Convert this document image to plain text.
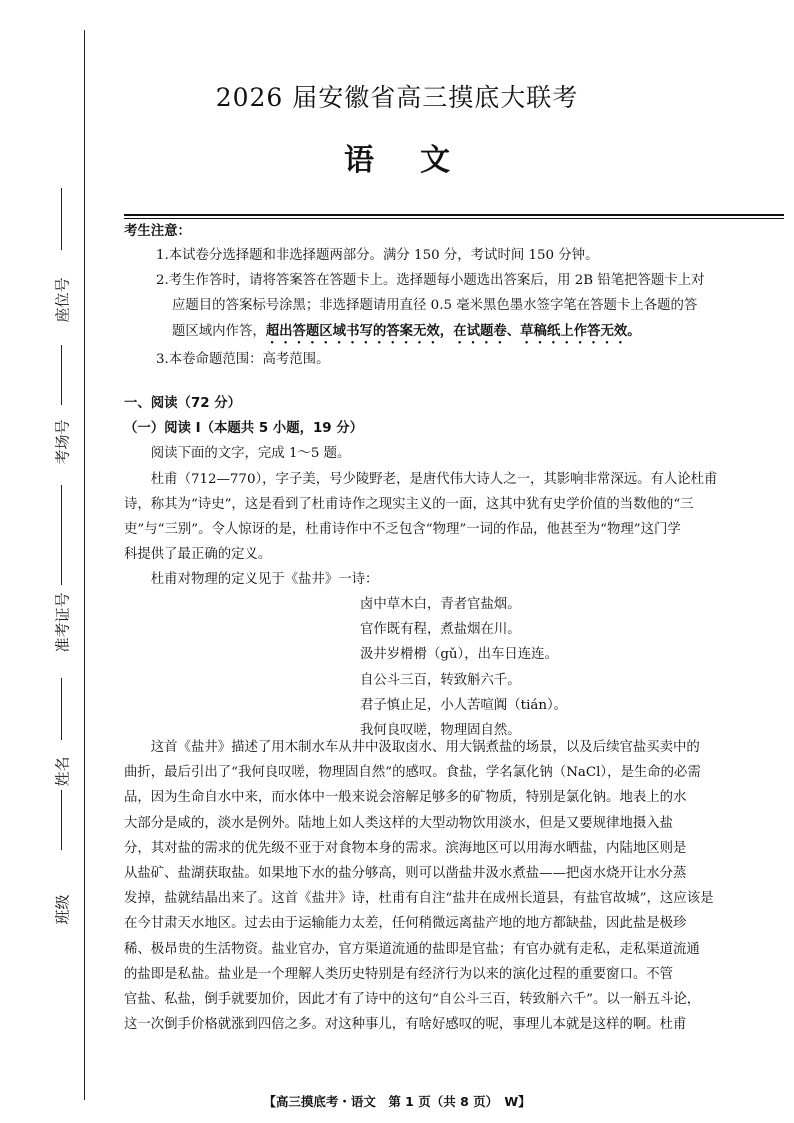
座位号
考场号
准考证号
姓名
班级
2026 届安徽省高三摸底大联考
语文
考生注意：

1.本试卷分选择题和非选择题两部分。满分 150 分，考试时间 150 分钟。

2.考生作答时，请将答案答在答题卡上。选择题每小题选出答案后，用 2B 铅笔把答题卡上对

应题目的答案标号涂黑；非选择题请用直径 0.5 毫米黑色墨水签字笔在答题卡上各题的答

题区域内作答，超出答题区域书写的答案无效，在试题卷、草稿纸上作答无效。

3.本卷命题范围：高考范围。

一、阅读（72 分）

（一）阅读 Ⅰ（本题共 5 小题，19 分）

阅读下面的文字，完成 1～5 题。

杜甫（712—770），字子美，号少陵野老，是唐代伟大诗人之一，其影响非常深远。有人论杜甫

诗，称其为“诗史”，这是看到了杜甫诗作之现实主义的一面，这其中犹有史学价值的当数他的“三

吏”与“三别”。令人惊讶的是，杜甫诗作中不乏包含“物理”一词的作品，他甚至为“物理”这门学

科提供了最正确的定义。

杜甫对物理的定义见于《盐井》一诗：

卤中草木白，青者官盐烟。
官作既有程，煮盐烟在川。
汲井岁榾榾（gǔ），出车日连连。
自公斗三百，转致斛六千。
君子慎止足，小人苦喧阗（tián）。
我何良叹嗟，物理固自然。

这首《盐井》描述了用木制水车从井中汲取卤水、用大锅煮盐的场景，以及后续官盐买卖中的

曲折，最后引出了“我何良叹嗟，物理固自然”的感叹。食盐，学名氯化钠（NaCl），是生命的必需

品，因为生命自水中来，而水体中一般来说会溶解足够多的矿物质，特别是氯化钠。地表上的水

大部分是咸的，淡水是例外。陆地上如人类这样的大型动物饮用淡水，但是又要规律地摄入盐

分，其对盐的需求的优先级不亚于对食物本身的需求。滨海地区可以用海水晒盐，内陆地区则是

从盐矿、盐湖获取盐。如果地下水的盐分够高，则可以凿盐井汲水煮盐——把卤水烧开让水分蒸

发掉，盐就结晶出来了。这首《盐井》诗，杜甫有自注“盐井在成州长道县，有盐官故城”，这应该是

在今甘肃天水地区。过去由于运输能力太差，任何稍微远离盐产地的地方都缺盐，因此盐是极珍

稀、极昂贵的生活物资。盐业官办，官方渠道流通的盐即是官盐；有官办就有走私，走私渠道流通

的盐即是私盐。盐业是一个理解人类历史特别是有经济行为以来的演化过程的重要窗口。不管

官盐、私盐，倒手就要加价，因此才有了诗中的这句“自公斗三百，转致斛六千”。以一斛五斗论，

这一次倒手价格就涨到四倍之多。对这种事儿，有啥好感叹的呢，事理儿本就是这样的啊。杜甫

【高三摸底考・语文　第 1 页（共 8 页）　W】
